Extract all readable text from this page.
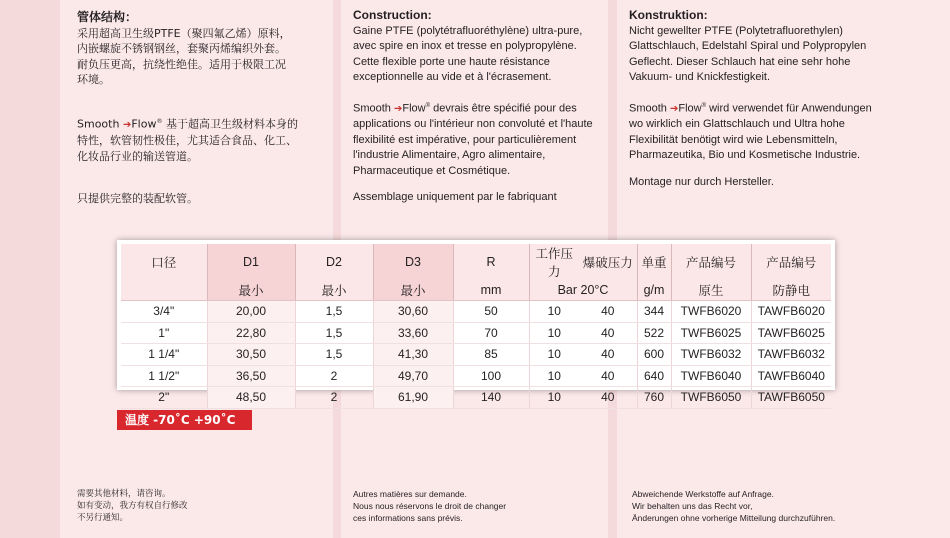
管体结构：

采用超高卫生级PTFE（聚四氟乙烯）原料，
内嵌螺旋不锈钢钢丝，套聚丙烯编织外套。
耐负压更高，抗绕性绝佳。适用于极限工况
环境。

Smooth ➔Flow® 基于超高卫生级材料本身的

特性，软管韧性极佳，尤其适合食品、化工、
化妆品行业的输送管道。

只提供完整的装配软管。
需要其他材料，请咨询。
如有变动，我方有权自行修改
不另行通知。
Construction:

Gaine PTFE (polytétrafluoréthylène) ultra-pure,
avec spire en inox et tresse en polypropylène.
Cette flexible porte une haute résistance
exceptionnelle au vide et à l'écrasement.

Smooth ➔Flow® devrais être spécifié pour des

applications ou l'intérieur non convoluté et l'haute
flexibilité est impérative, pour particulièrement
l'industrie Alimentaire, Agro alimentaire,
Pharmaceutique et Cosmétique.

Assemblage uniquement par le fabriquant
Autres matières sur demande.
Nous nous réservons le droit de changer
ces informations sans prévis.
Konstruktion:

Nicht gewellter PTFE (Polytetrafluorethylen)
Glattschlauch, Edelstahl Spiral und Polypropylen
Geflecht. Dieser Schlauch hat eine sehr hohe
Vakuum- und Knickfestigkeit.

Smooth ➔Flow® wird verwendet für Anwendungen

wo wirklich ein Glattschlauch und Ultra hohe
Flexibilität benötigt wird wie Lebensmitteln,
Pharmazeutika, Bio und Kosmetische Industrie.

Montage nur durch Hersteller.
Abweichende Werkstoffe auf Anfrage.
Wir behalten uns das Recht vor,
Änderungen ohne vorherige Mitteilung durchzuführen.
口径	D1	D2	D3	R	工作压力	爆破压力	单重	产品编号	产品编号
	最小	最小	最小	mm	Bar 20°C		g/m	原生	防静电
3/4"	20,00	1,5	30,60	50	10	40	344	TWFB6020	TAWFB6020
1"	22,80	1,5	33,60	70	10	40	522	TWFB6025	TAWFB6025
1 1/4"	30,50	1,5	41,30	85	10	40	600	TWFB6032	TAWFB6032
1 1/2"	36,50	2	49,70	100	10	40	640	TWFB6040	TAWFB6040
2"	48,50	2	61,90	140	10	40	760	TWFB6050	TAWFB6050
温度 -70˚C +90˚C
